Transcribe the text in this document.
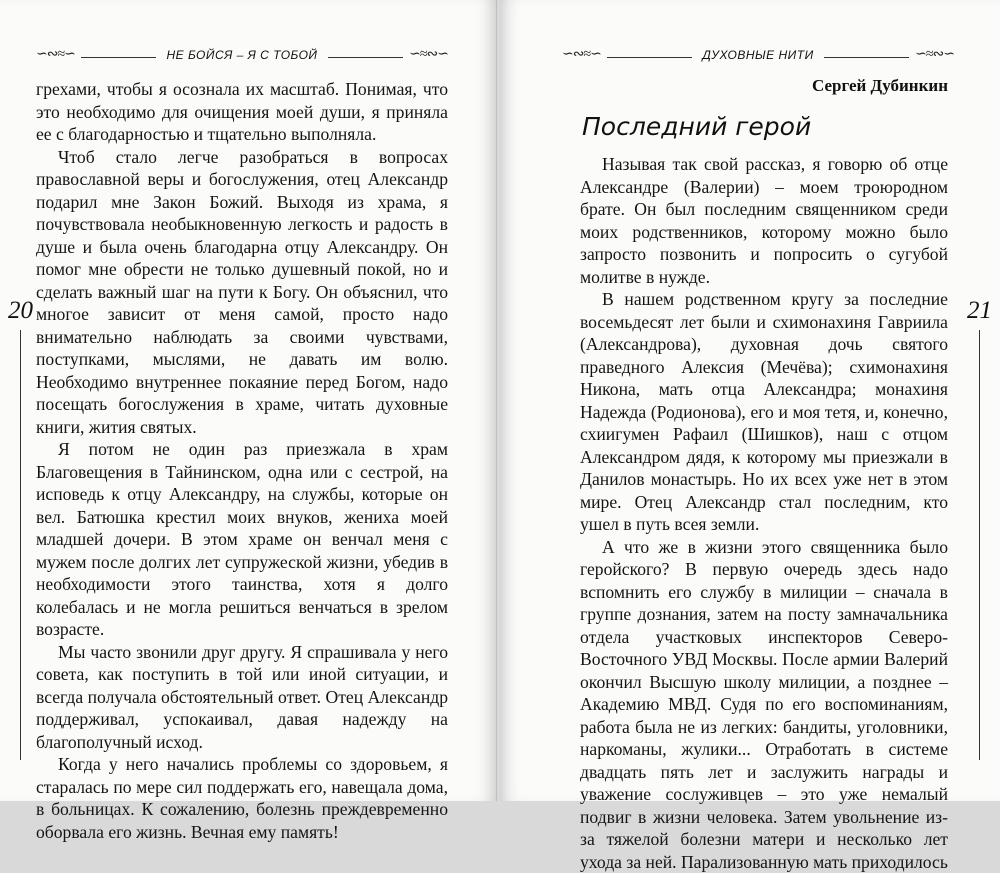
∽∾≈∽	НЕ БОЙСЯ – Я С ТОБОЙ	∽≈∾∽
20

грехами, чтобы я осознала их масштаб. Понимая, что это необходимо для очищения моей души, я приняла ее с благодарностью и тщательно выполняла.

Чтоб стало легче разобраться в вопросах православной веры и богослужения, отец Александр подарил мне Закон Божий. Выходя из храма, я почувствовала необыкновенную легкость и радость в душе и была очень благодарна отцу Александру. Он помог мне обрести не только душевный покой, но и сделать важный шаг на пути к Богу. Он объяснил, что многое зависит от меня самой, просто надо внимательно наблюдать за своими чувствами, поступками, мыслями, не давать им волю. Необходимо внутреннее покаяние перед Богом, надо посещать богослужения в храме, читать духовные книги, жития святых.

Я потом не один раз приезжала в храм Благовещения в Тайнинском, одна или с сестрой, на исповедь к отцу Александру, на службы, которые он вел. Батюшка крестил моих внуков, жениха моей младшей дочери. В этом храме он венчал меня с мужем после долгих лет супружеской жизни, убедив в необходимости этого таинства, хотя я долго колебалась и не могла решиться венчаться в зрелом возрасте.

Мы часто звонили друг другу. Я спрашивала у него совета, как поступить в той или иной ситуации, и всегда получала обстоятельный ответ. Отец Александр поддерживал, успокаивал, давая надежду на благополучный исход.

Когда у него начались проблемы со здоровьем, я старалась по мере сил поддержать его, навещала дома, в больницах. К сожалению, болезнь преждевременно оборвала его жизнь. Вечная ему память!

∽∾≈∽	ДУХОВНЫЕ НИТИ	∽≈∾∽
Сергей Дубинкин
Последний герой
21

Называя так свой рассказ, я говорю об отце Александре (Валерии) – моем троюродном брате. Он был последним священником среди моих родственников, которому можно было запросто позвонить и попросить о сугубой молитве в нужде.

В нашем родственном кругу за последние восемьдесят лет были и схимонахиня Гавриила (Александрова), духовная дочь святого праведного Алексия (Мечёва); схимонахиня Никона, мать отца Александра; монахиня Надежда (Родионова), его и моя тетя, и, конечно, схиигумен Рафаил (Шишков), наш с отцом Александром дядя, к которому мы приезжали в Данилов монастырь. Но их всех уже нет в этом мире. Отец Александр стал последним, кто ушел в путь всея земли.

А что же в жизни этого священника было геройского? В первую очередь здесь надо вспомнить его службу в милиции – сначала в группе дознания, затем на посту замначальника отдела участковых инспекторов Северо-Восточного УВД Москвы. После армии Валерий окончил Высшую школу милиции, а позднее – Академию МВД. Судя по его воспоминаниям, работа была не из легких: бандиты, уголовники, наркоманы, жулики... Отработать в системе двадцать пять лет и заслужить награды и уважение сослуживцев – это уже немалый подвиг в жизни человека. Затем увольнение из-за тяжелой болезни матери и несколько лет ухода за ней. Парализованную мать приходилось
